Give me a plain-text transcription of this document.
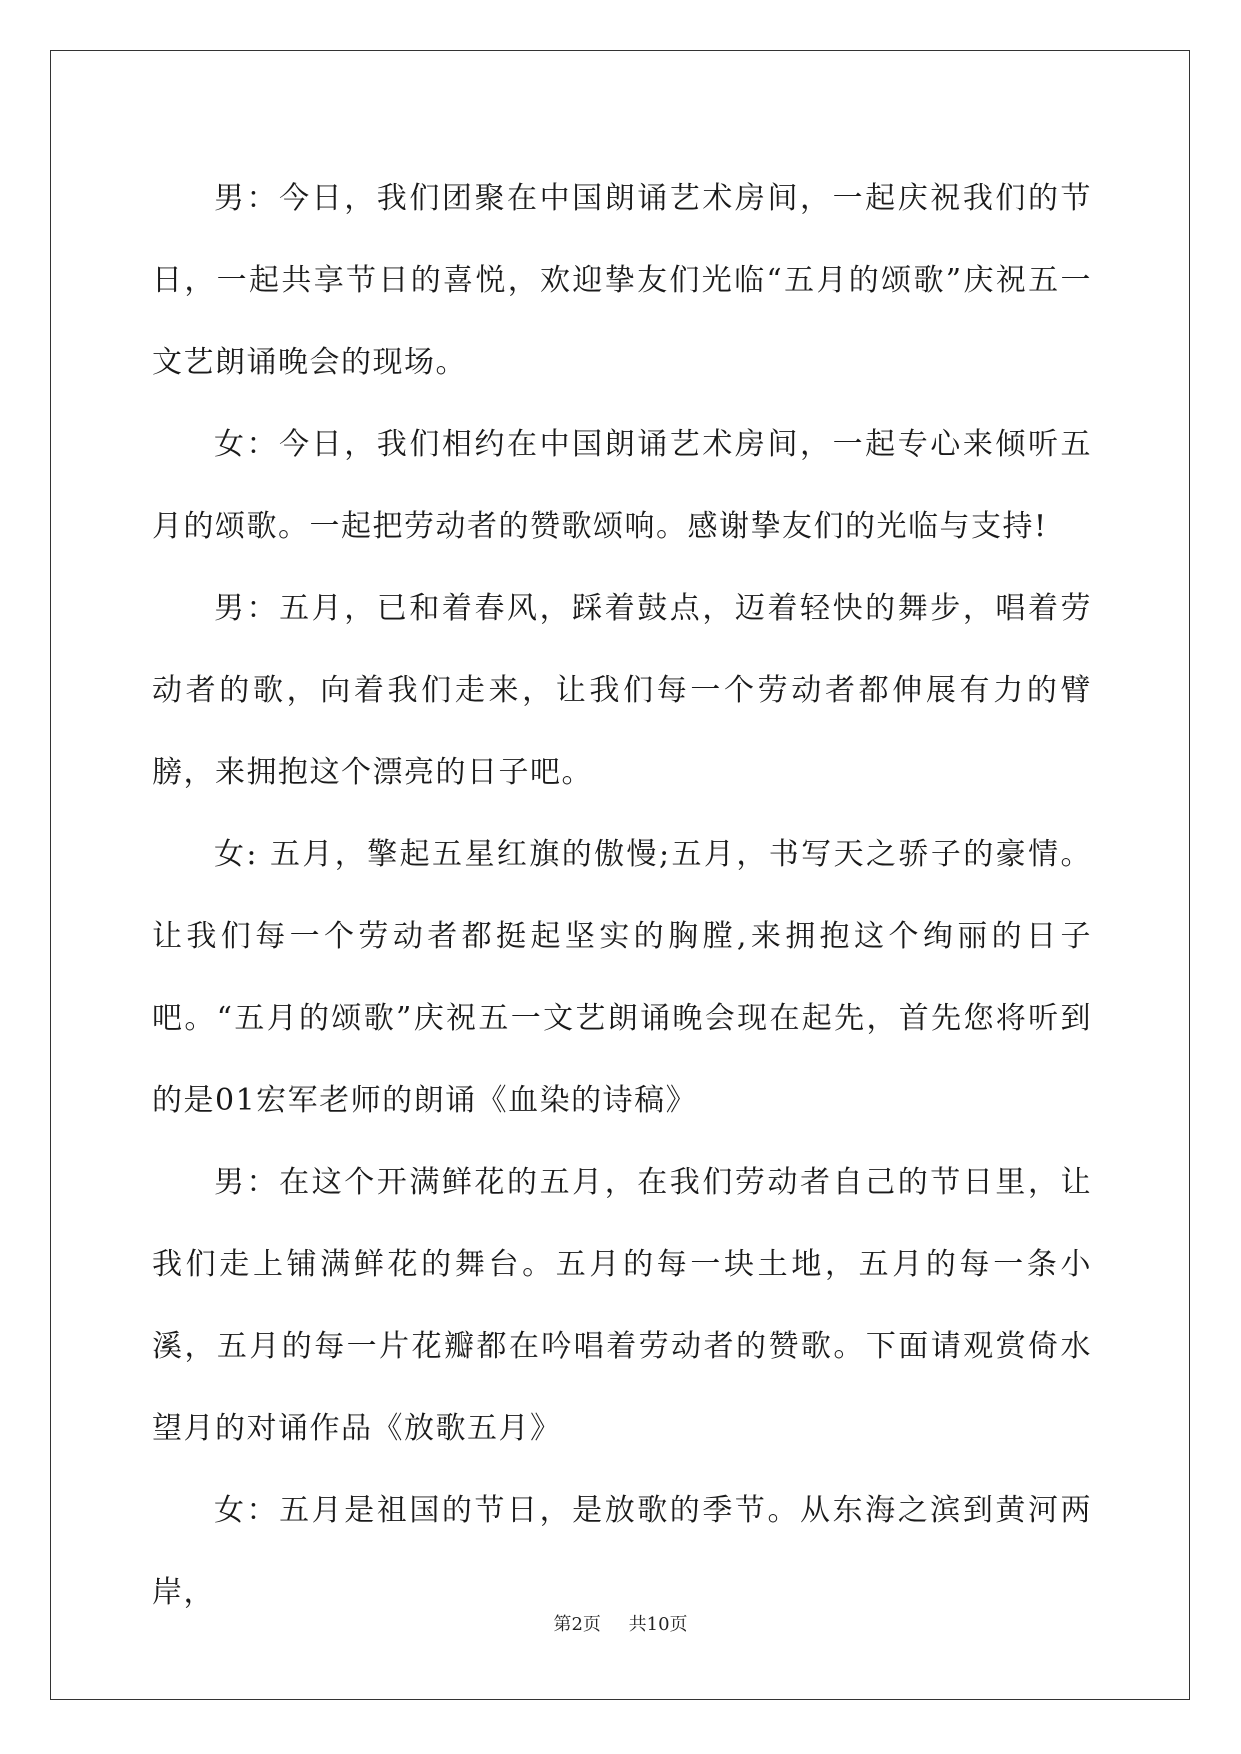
男：今日，我们团聚在中国朗诵艺术房间，一起庆祝我们的节日，一起共享节日的喜悦，欢迎挚友们光临“五月的颂歌”庆祝五一文艺朗诵晚会的现场。

女：今日，我们相约在中国朗诵艺术房间，一起专心来倾听五月的颂歌。一起把劳动者的赞歌颂响。感谢挚友们的光临与支持!

男：五月，已和着春风，踩着鼓点，迈着轻快的舞步，唱着劳动者的歌，向着我们走来，让我们每一个劳动者都伸展有力的臂膀，来拥抱这个漂亮的日子吧。

女: 五月，擎起五星红旗的傲慢;五月，书写天之骄子的豪情。让我们每一个劳动者都挺起坚实的胸膛,来拥抱这个绚丽的日子吧。“五月的颂歌”庆祝五一文艺朗诵晚会现在起先，首先您将听到的是01宏军老师的朗诵《血染的诗稿》

男：在这个开满鲜花的五月，在我们劳动者自己的节日里，让我们走上铺满鲜花的舞台。五月的每一块土地，五月的每一条小溪，五月的每一片花瓣都在吟唱着劳动者的赞歌。下面请观赏倚水望月的对诵作品《放歌五月》

女：五月是祖国的节日，是放歌的季节。从东海之滨到黄河两岸，

第2页 共10页
